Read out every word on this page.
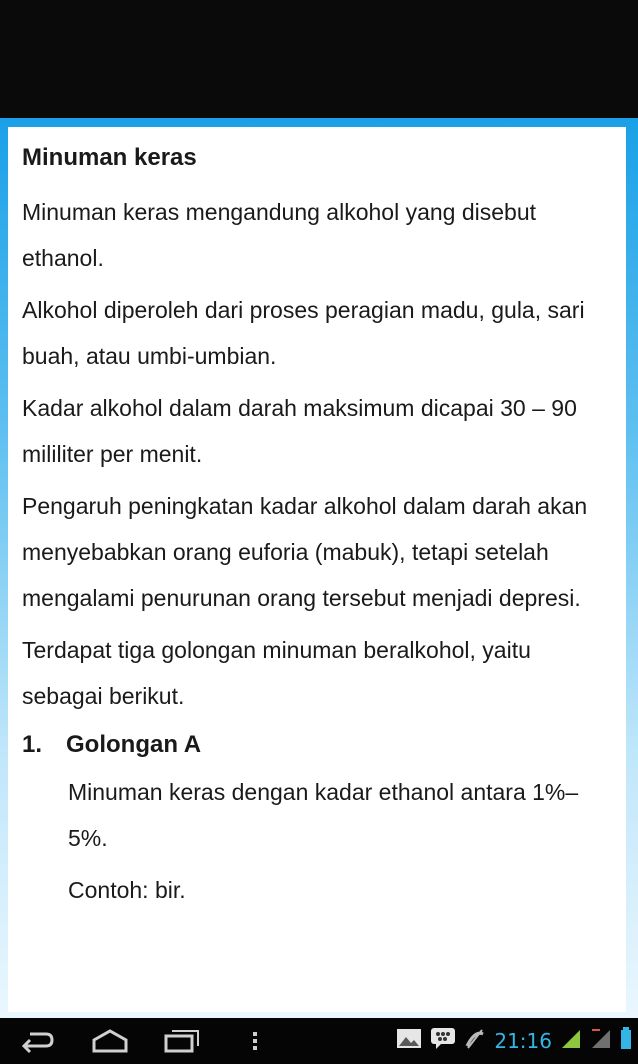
Minuman keras
Minuman keras mengandung alkohol yang disebut ethanol.
Alkohol diperoleh dari proses peragian madu, gula, sari buah, atau umbi-umbian.
Kadar alkohol dalam darah maksimum dicapai 30 – 90 mililiter per menit.
Pengaruh peningkatan kadar alkohol dalam darah akan menyebabkan orang euforia (mabuk), tetapi setelah mengalami penurunan orang tersebut menjadi depresi.
Terdapat tiga golongan minuman beralkohol, yaitu sebagai berikut.
1. Golongan A
Minuman keras dengan kadar ethanol antara 1%– 5%.
Contoh: bir.
21:16
